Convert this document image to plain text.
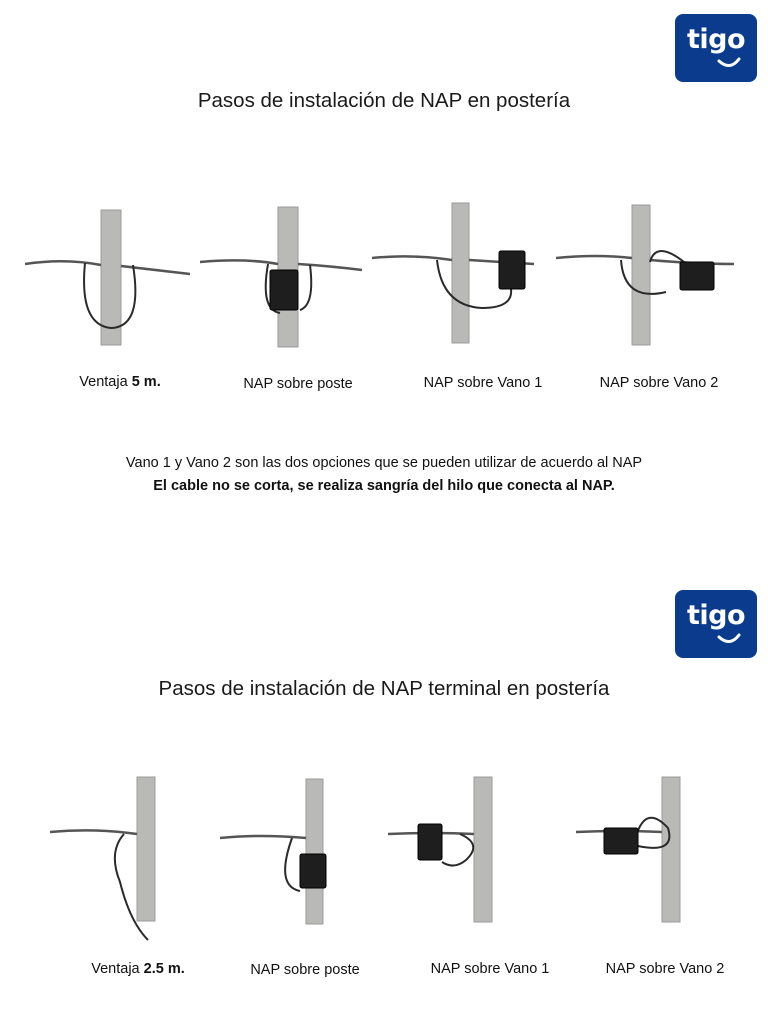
tigo
Pasos de instalación de NAP en postería
Ventaja 5 m.	NAP sobre poste	NAP sobre Vano 1	NAP sobre Vano 2
Vano 1 y Vano 2 son las dos opciones que se pueden utilizar de acuerdo al NAP
El cable no se corta, se realiza sangría del hilo que conecta al NAP.
tigo
Pasos de instalación de NAP terminal en postería
Ventaja 2.5 m.	NAP sobre poste	NAP sobre Vano 1	NAP sobre Vano 2
